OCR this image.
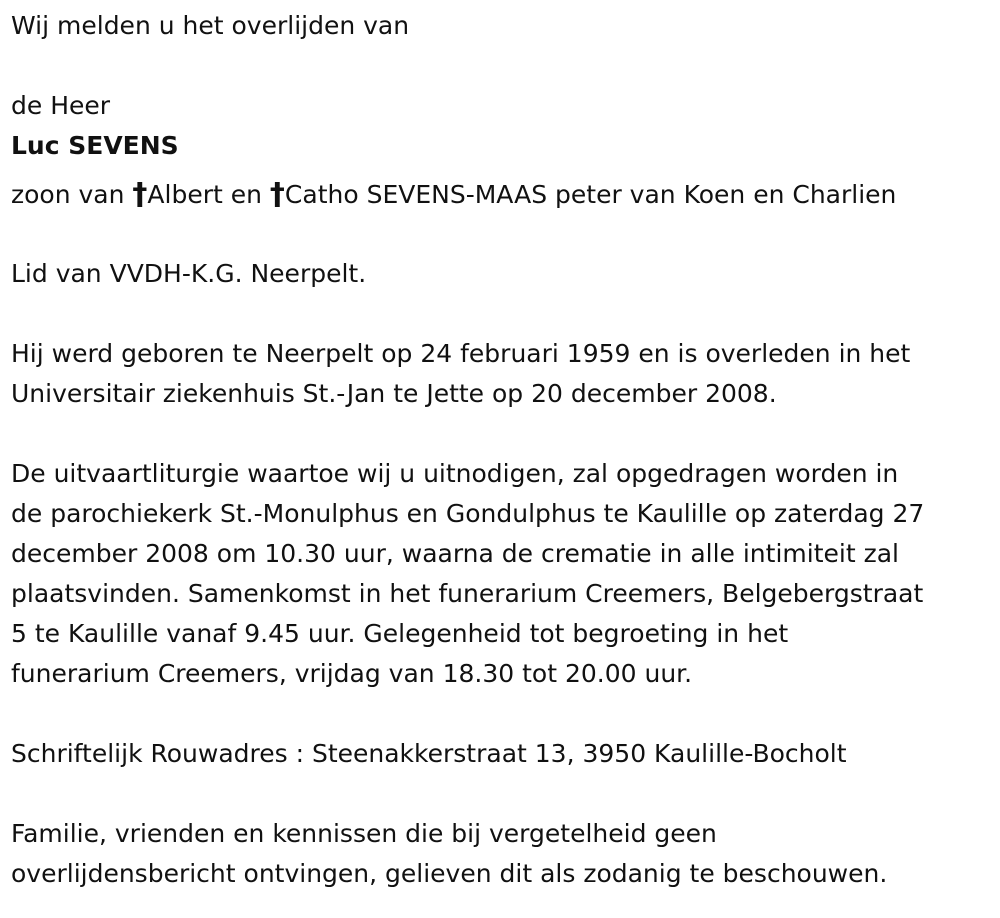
Wij melden u het overlijden van
de Heer
Luc SEVENS
zoon van †Albert en †Catho SEVENS-MAAS peter van Koen en Charlien
Lid van VVDH-K.G. Neerpelt.
Hij werd geboren te Neerpelt op 24 februari 1959 en is overleden in het
Universitair ziekenhuis St.-Jan te Jette op 20 december 2008.
De uitvaartliturgie waartoe wij u uitnodigen, zal opgedragen worden in
de parochiekerk St.-Monulphus en Gondulphus te Kaulille op zaterdag 27
december 2008 om 10.30 uur, waarna de crematie in alle intimiteit zal
plaatsvinden. Samenkomst in het funerarium Creemers, Belgebergstraat
5 te Kaulille vanaf 9.45 uur. Gelegenheid tot begroeting in het
funerarium Creemers, vrijdag van 18.30 tot 20.00 uur.
Schriftelijk Rouwadres : Steenakkerstraat 13, 3950 Kaulille-Bocholt
Familie, vrienden en kennissen die bij vergetelheid geen
overlijdensbericht ontvingen, gelieven dit als zodanig te beschouwen.
